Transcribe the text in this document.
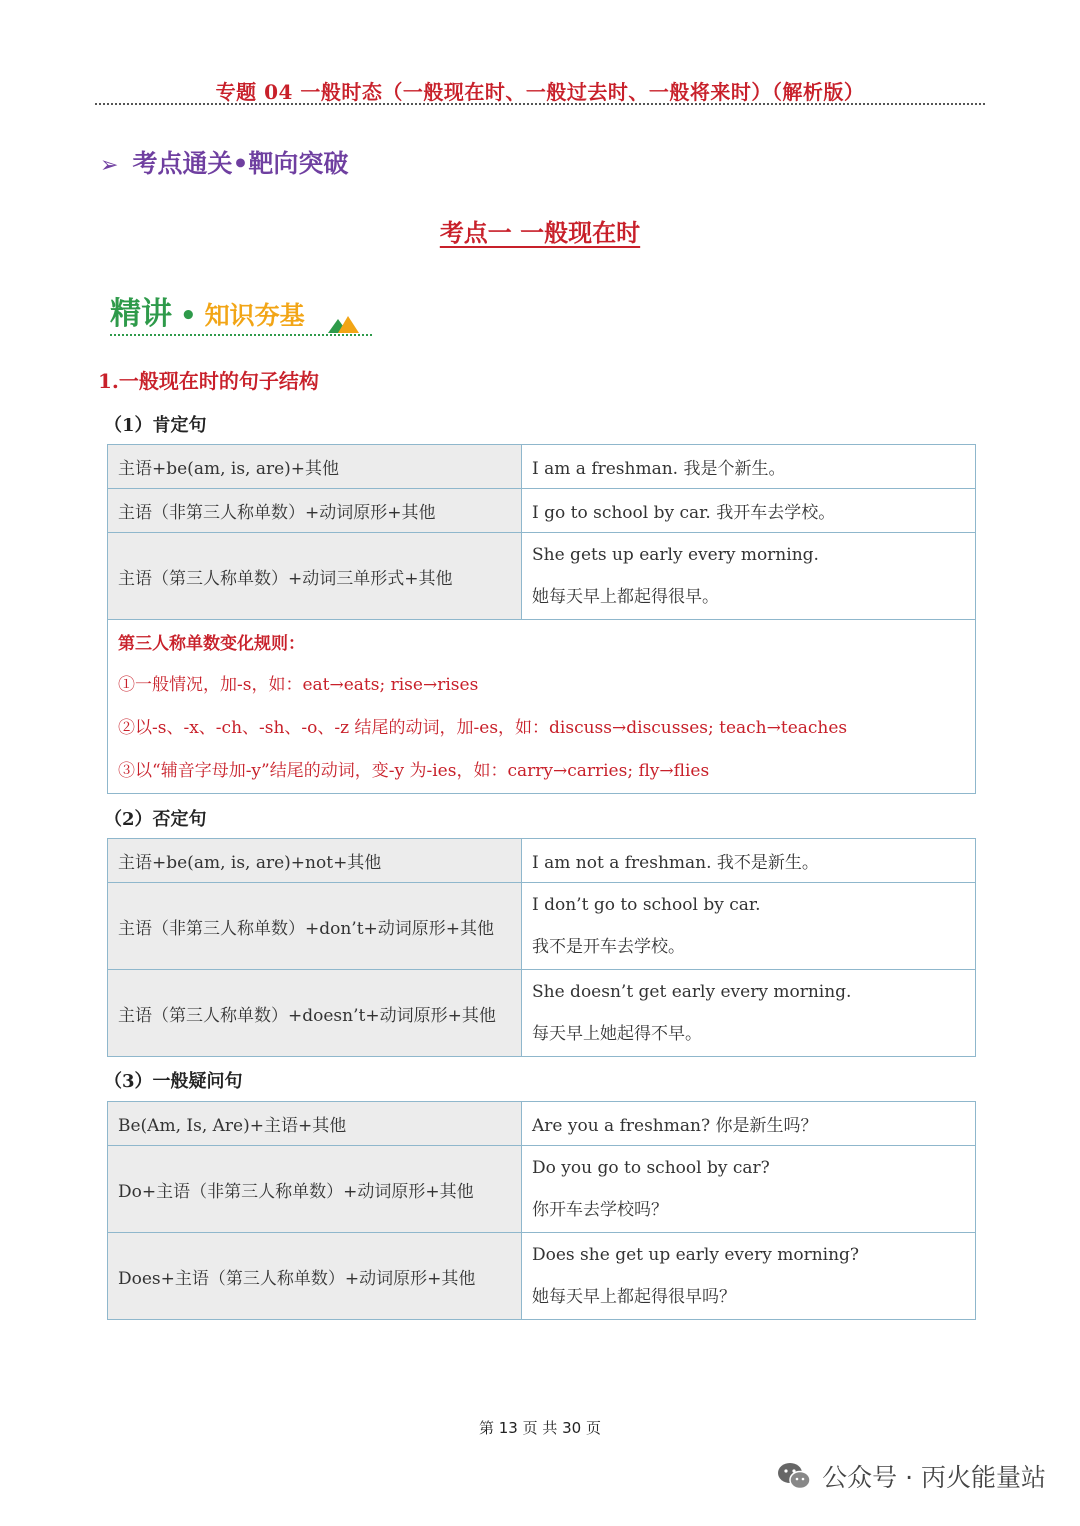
专题 04 一般时态（一般现在时、一般过去时、一般将来时）（解析版）
➢ 考点通关•靶向突破
考点一 一般现在时
精讲 • 知识夯基
1.一般现在时的句子结构
（1）肯定句
主语+be(am, is, are)+其他	I am a freshman. 我是个新生。
主语（非第三人称单数）+动词原形+其他	I go to school by car. 我开车去学校。
主语（第三人称单数）+动词三单形式+其他	She gets up early every morning.
她每天早上都起得很早。

第三人称单数变化规则：
①一般情况，加-s，如：eat→eats; rise→rises
②以-s、-x、-ch、-sh、-o、-z 结尾的动词，加-es，如：discuss→discusses; teach→teaches
③以“辅音字母加-y”结尾的动词，变-y 为-ies，如：carry→carries; fly→flies	
（2）否定句
主语+be(am, is, are)+not+其他	I am not a freshman. 我不是新生。
主语（非第三人称单数）+don’t+动词原形+其他	I don’t go to school by car.
我不是开车去学校。

主语（第三人称单数）+doesn’t+动词原形+其他	She doesn’t get early every morning.
每天早上她起得不早。
（3）一般疑问句
Be(Am, Is, Are)+主语+其他	Are you a freshman? 你是新生吗？
Do+主语（非第三人称单数）+动词原形+其他	Do you go to school by car?
你开车去学校吗？

Does+主语（第三人称单数）+动词原形+其他	Does she get up early every morning?
她每天早上都起得很早吗？
第 13 页 共 30 页
公众号 · 丙火能量站
